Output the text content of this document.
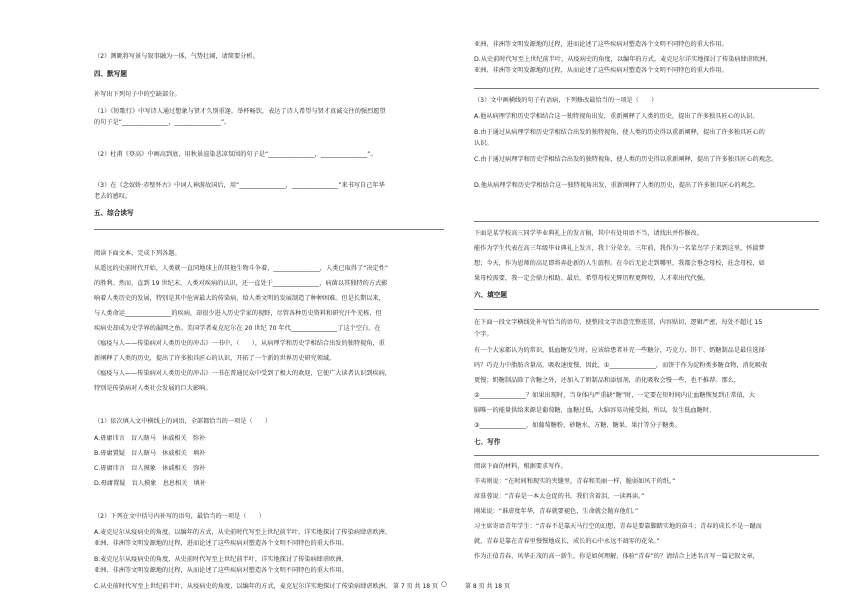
（2）测眺将写景与叙事融为一体，气势壮阔，请简要分析。
四、默写题
补写出下列句子中的空缺部分。
（1）《短歌行》中写诗人通过想象与贤才久别重逢，举杯畅饮，表达了诗人希望与贤才真诚交往的强烈愿望
的句子是“_______________，_______________”。
（2）杜甫《登高》中画高到底，用秋景渲染悲凉氛围的句子是“_______________，_______________”。
（3）在《念奴娇·赤壁怀古》中词人神游故国后，用“_______________，_______________”来书写自己年华
老去的感叹。
五、综合读写
阅读下面文本，完成下列各题。
从遥远的史前时代开始，人类就一直同地球上的其他生物斗争着，_______________，人类已取得了“决定性”
的胜利。然而，直到 19 世纪末，人类对疾病的认识，还一直处于_______________，病菌以其独特的方式影
响着人类历史的发展，特别是其中危害最大的传染病，给人类文明的发展制造了种种困难。但是长期以来，
与人类命运_______________的疾病，却很少进入历史学家的视野，尽管各种历史资料和研究汗牛充栋，但
疾病史却成为史学界的漏网之鱼。美国学者麦克尼尔在 20 世纪 70 年代_______________了这个空白。在
《瘟疫与人——传染病对人类历史的冲击》一书中，（　　），从病理学和历史学相结合出发的独特视角，重
新阐释了人类的历史，提出了许多独具匠心的认识，开拓了一个新的世界历史研究领域。
《瘟疫与人——传染病对人类历史的冲击》一书在普通民众中受到了极大的欢迎，它使广大读者认识到疾病，
特别是传染病对人类社会发展的巨大影响。
（1）依次填入文中横线上的词语，全部都恰当的一项是（　　）
A.毋庸讳言　盲人瞎马　休戚相关　弥补
B.毋庸置疑　盲人瞎马　休戚相关　填补
C.毋庸讳言　盲人摸象　休戚相关　弥补
D.毋庸置疑　盲人摸象　息息相关　填补
（2）下列在文中括号内补写的语句，最恰当的一项是（　　）
A.麦克尼尔从疫病史的角度，以编年的方式，从史前时代写至上世纪前半叶，详实地探讨了传染病肆虐欧洲、
亚洲、非洲等文明发源地的过程，进而论述了这些疾病对塑造各个文明不同特色的重大作用。
B.麦克尼尔从疫病史的角度，从史前时代写至上世纪前半叶，详实地探讨了传染病肆虐欧洲、
亚洲、非洲等文明发源地的过程，从而论述了这些疾病对塑造各个文明不同特色的重大作用。
C.从史前时代写至上世纪前半叶，从疫病史的角度，以编年的方式，麦克尼尔详实地探讨了传染病肆虐欧洲、
亚洲、非洲等文明发源地的过程，进而论述了这些疾病对塑造各个文明不同特色的重大作用。
D.从史前时代写至上世纪前半叶，从疫病史的角度，以编年的方式，麦克尼尔详实地探讨了传染病肆虐欧洲、
亚洲、非洲等文明发源地的过程，从而论述了这些疾病对塑造各个文明不同特色的重大作用。
（3）文中画横线的句子有语病，下列修改最恰当的一项是（　　）
A.他从病理学和历史学相结合这一独特视角出发，重新阐释了人类的历史，提出了许多独具匠心的认识。
B.由于通过从病理学和历史学相结合出发的独特视角，使人类的历史得以重新阐释，提出了许多独具匠心的
认识。
C.由于通过病理学和历史学相结合出发的独特视角，使人类的历史得以重新阐释，提出了许多独具匠心的观念。
D.他从病理学和历史学相结合这一独特视角出发，重新阐释了人类的历史，提出了许多独具匠心的观念。
下面是某学校高三同学毕业典礼上的发言稿，其中有处用语不当，请找出并作修改。
能作为学生代表在高三年级毕业典礼上发言，我十分荣幸。三年前，我作为一名菜鸟学子来到这里，怀揣梦
想；今天，作为恩师的高足即将奔赴新的人生旅程。在今后无论走到哪里，我都会垂念母校，拄念母校，如
果母校需要，我一定会鼎力相助。最后，希望母校光辉历程更辉煌，人才辈出代代强。
六、填空题
在下面一段文字横线处补写恰当的语句，使整段文字语意完整连贯，内容贴切，逻辑严密，每处不超过 15
个字。
有一个大家都认为的常识，低血糖发生时，应该给患者补充一些糖分，巧克力、饼干、奶糖制品是最佳选择
吗？巧克力中脂肪含量高，吸收速度慢，因此，①_______________，而饼干作为淀粉类多糖食物，消化吸收
更慢；奶糖制品除了含糖之外，还加入了奶制品和添加剂，消化吸收会慢一些，也不推荐。那么，
②_______________？如果出现时，当身体内严重缺“糖”时，一定要在短时间内让血糖恢复到正常值，大
脑唯一的能量供给来源是葡萄糖，血糖过低，大脑容易功能受损，所以，发生低血糖时，
③_______________，如葡萄糖粉、砂糖水、方糖、糖果、果汁等分子糖类。
七、写作
阅读下面的材料，根据要求写作。
辛夷则说：“在时间和现实的夹缝里，青春和美丽一样，脆弱如风干的纸。”
席慕蓉说：“青春是一本太仓促的书，我们含着泪，一读再读。”
刚果说：“谁虚度年华，青春就要褪色，生命就会抛弃他们。”
习主席寄语青年学生：“青春不是靠天马行空的幻想，青春是要靠脚踏实地的奋斗；青春的成长不是一蹴而
就，青春是靠在青春里慢慢地成长，成长的心中永远不凋零的花朵。”
作为正值青春、风华正茂的高一新生，你是如何理解、体验“青春”的？请结合上述名言写一篇记叙文章，
第 7 页 共 18 页 ○	第 8 页 共 18 页
